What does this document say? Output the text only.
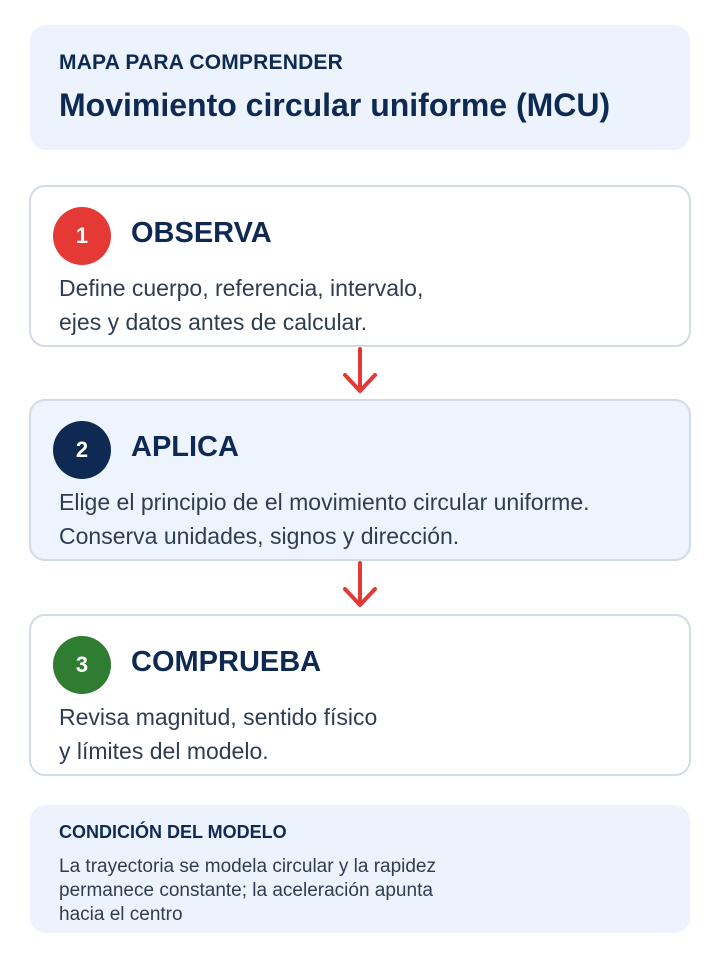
MAPA PARA COMPRENDER
Movimiento circular uniforme (MCU)
1	OBSERVA
Define cuerpo, referencia, intervalo,
ejes y datos antes de calcular.
2	APLICA
Elige el principio de el movimiento circular uniforme.
Conserva unidades, signos y dirección.
3	COMPRUEBA
Revisa magnitud, sentido físico
y límites del modelo.
CONDICIÓN DEL MODELO
La trayectoria se modela circular y la rapidez
permanece constante; la aceleración apunta
hacia el centro
